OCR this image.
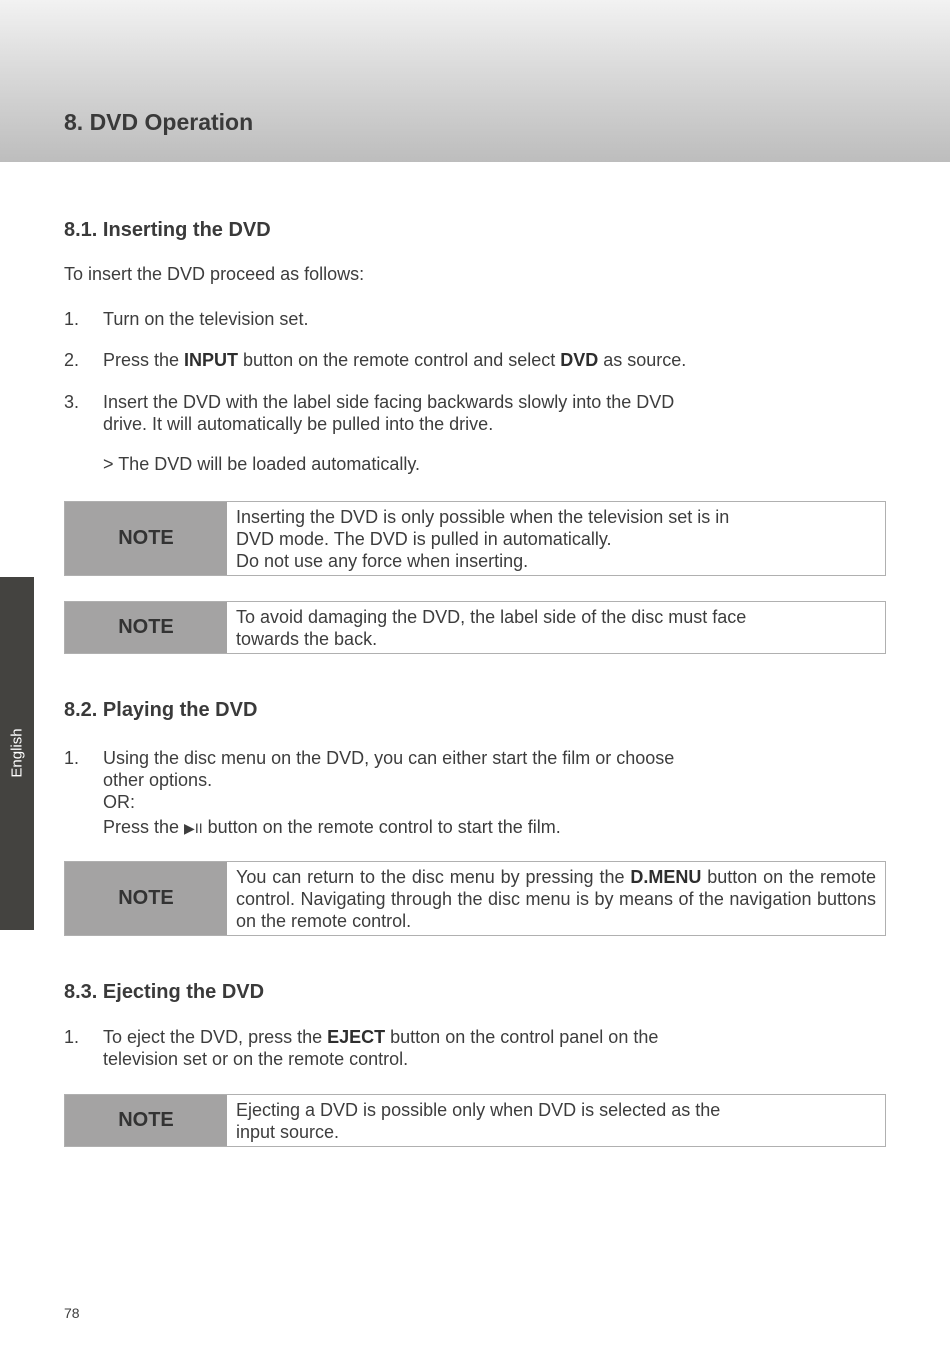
8. DVD Operation
English
8.1. Inserting the DVD

To insert the DVD proceed as follows:

1. Turn on the television set.
2. Press the INPUT button on the remote control and select DVD as source.
3. Insert the DVD with the label side facing backwards slowly into the DVD
drive. It will automatically be pulled into the drive.

> The DVD will be loaded automatically.

NOTE
Inserting the DVD is only possible when the television set is in
DVD mode. The DVD is pulled in automatically.
Do not use any force when inserting.
NOTE	To avoid damaging the DVD, the label side of the disc must face
towards the back.
8.2. Playing the DVD
1. Using the disc menu on the DVD, you can either start the film or choose
other options.
OR:
Press the ▶II button on the remote control to start the film.
NOTE
You can return to the disc menu by pressing the D.MENU button on the remote control. Navigating through the disc menu is by means of the navigation buttons on the remote control.
8.3. Ejecting the DVD
1. To eject the DVD, press the EJECT button on the control panel on the
television set or on the remote control.
NOTE	Ejecting a DVD is possible only when DVD is selected as the
input source.
78
